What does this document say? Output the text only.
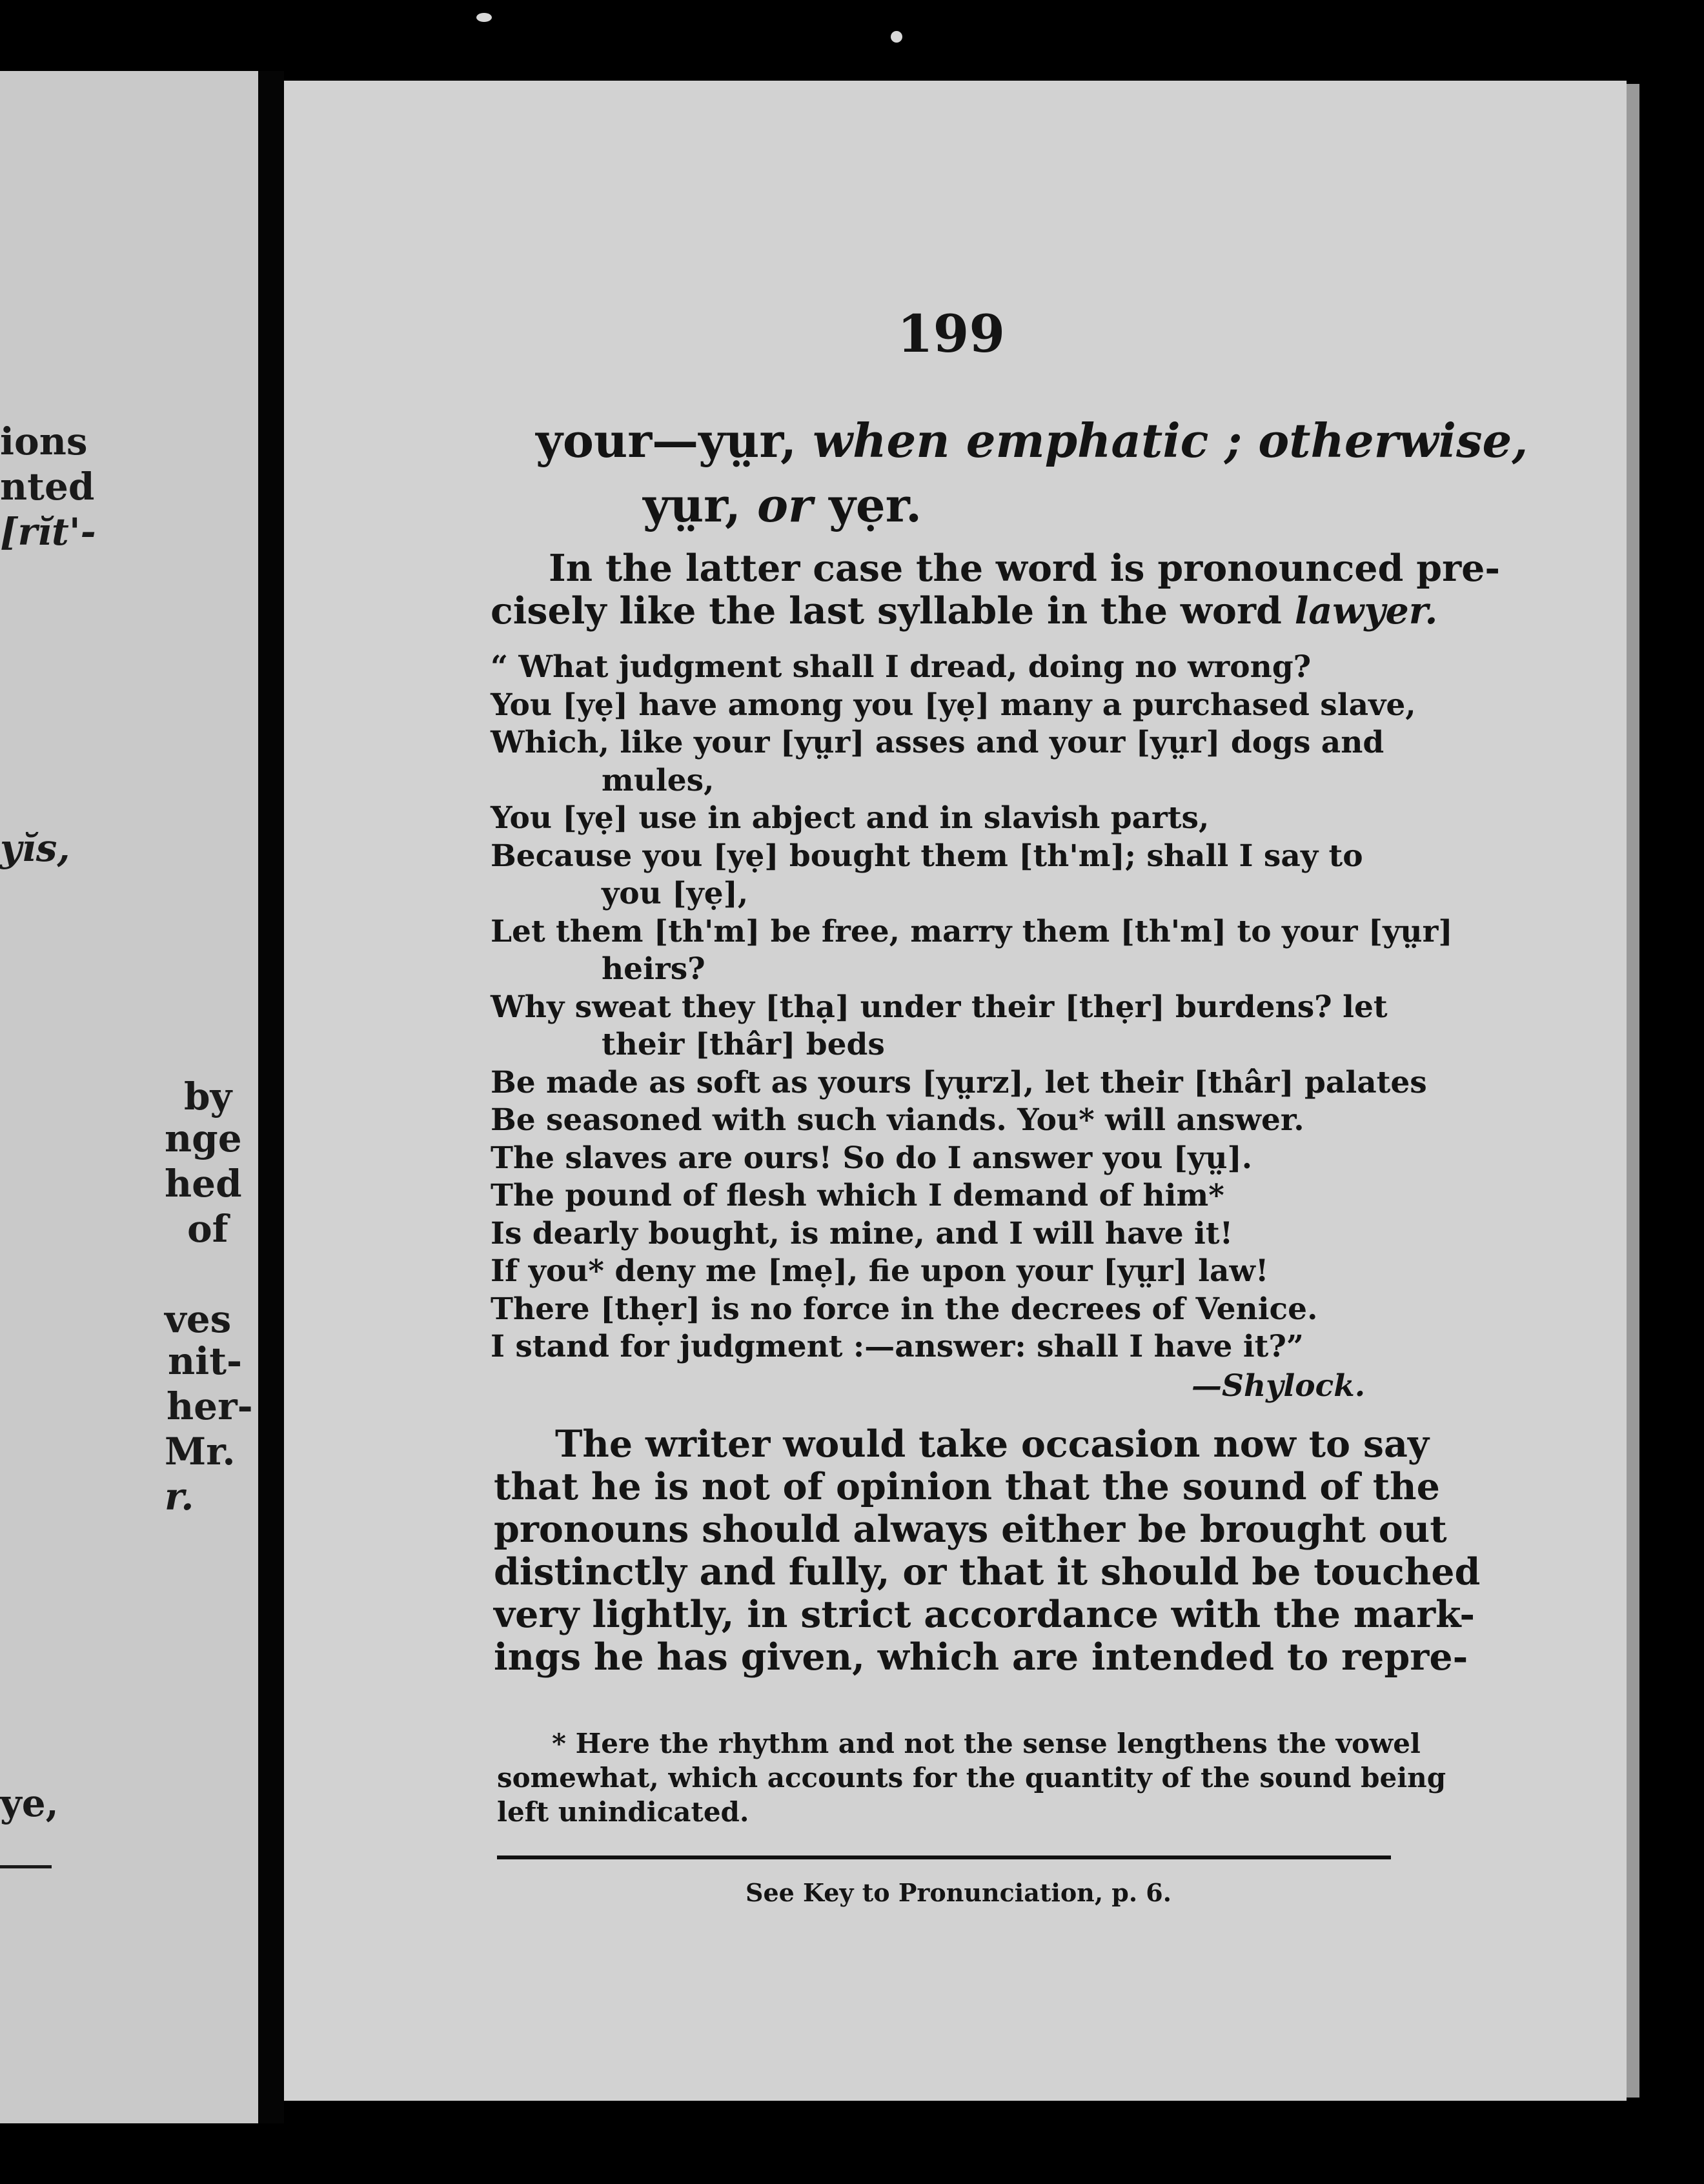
ions
nted
[rĭt'-
yĭs,
by
nge
hed
of
ves
nit-
her-
Mr.
r.
ye,
199
your—yṳr, when emphatic ; otherwise,
yṳr, or yẹr.
In the latter case the word is pronounced pre-
cisely like the last syllable in the word lawyer.
“ What judgment shall I dread, doing no wrong?
You [yẹ] have among you [yẹ] many a purchased slave,
Which, like your [yṳr] asses and your [yṳr] dogs and
mules,
You [yẹ] use in abject and in slavish parts,
Because you [yẹ] bought them [th'm]; shall I say to
you [yẹ],
Let them [th'm] be free, marry them [th'm] to your [yṳr]
heirs?
Why sweat they [thạ] under their [thẹr] burdens? let
their [thâr] beds
Be made as soft as yours [yṳrz], let their [thâr] palates
Be seasoned with such viands. You* will answer.
The slaves are ours! So do I answer you [yṳ].
The pound of flesh which I demand of him*
Is dearly bought, is mine, and I will have it!
If you* deny me [mẹ], fie upon your [yṳr] law!
There [thẹr] is no force in the decrees of Venice.
I stand for judgment :—answer: shall I have it?”
—Shylock.
The writer would take occasion now to say
that he is not of opinion that the sound of the
pronouns should always either be brought out
distinctly and fully, or that it should be touched
very lightly, in strict accordance with the mark-
ings he has given, which are intended to repre-
* Here the rhythm and not the sense lengthens the vowel
somewhat, which accounts for the quantity of the sound being
left unindicated.
See Key to Pronunciation, p. 6.
